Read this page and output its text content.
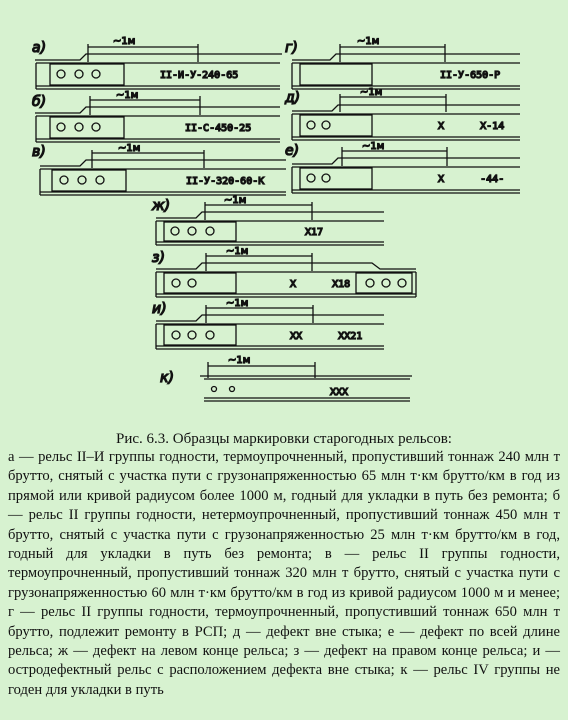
а)	~1м
II-И-У-240-65
г)	~1м
II-У-650-Р
б)	~1м
II-С-450-25
д)	~1м
X      X-14
в)	~1м
II-У-320-60-К
е)	~1м
X      -44-
ж)	~1м
X17
з)	~1м
X      X18
и)	~1м
XX      XX21
к)
~1м
XXX
Рис. 6.3. Образцы маркировки старогодных рельсов:
а — рельс II–И группы годности, термоупрочненный, пропустивший тоннаж 240 млн т брутто, снятый с участка пути с грузонапряженностью 65 млн т·км брутто/км в год из прямой или кривой радиусом более 1000 м, годный для укладки в путь без ремонта; б — рельс II группы годности, нетермоупрочненный, пропустивший тоннаж 450 млн т брутто, снятый с участка пути с грузонапряженностью 25 млн т·км брутто/км в год, годный для укладки в путь без ремонта; в — рельс II группы годности, термоупрочненный, пропустивший тоннаж 320 млн т брутто, снятый с участка пути с грузонапряженностью 60 млн т·км брутто/км в год из кривой радиусом 1000 м и менее; г — рельс II группы годности, термоупрочненный, пропустивший тоннаж 650 млн т брутто, подлежит ремонту в РСП; д — дефект вне стыка; е — дефект по всей длине рельса; ж — дефект на левом конце рельса; з — дефект на правом конце рельса; и — остродефектный рельс с расположением дефекта вне стыка; к — рельс IV группы не годен для укладки в путь
